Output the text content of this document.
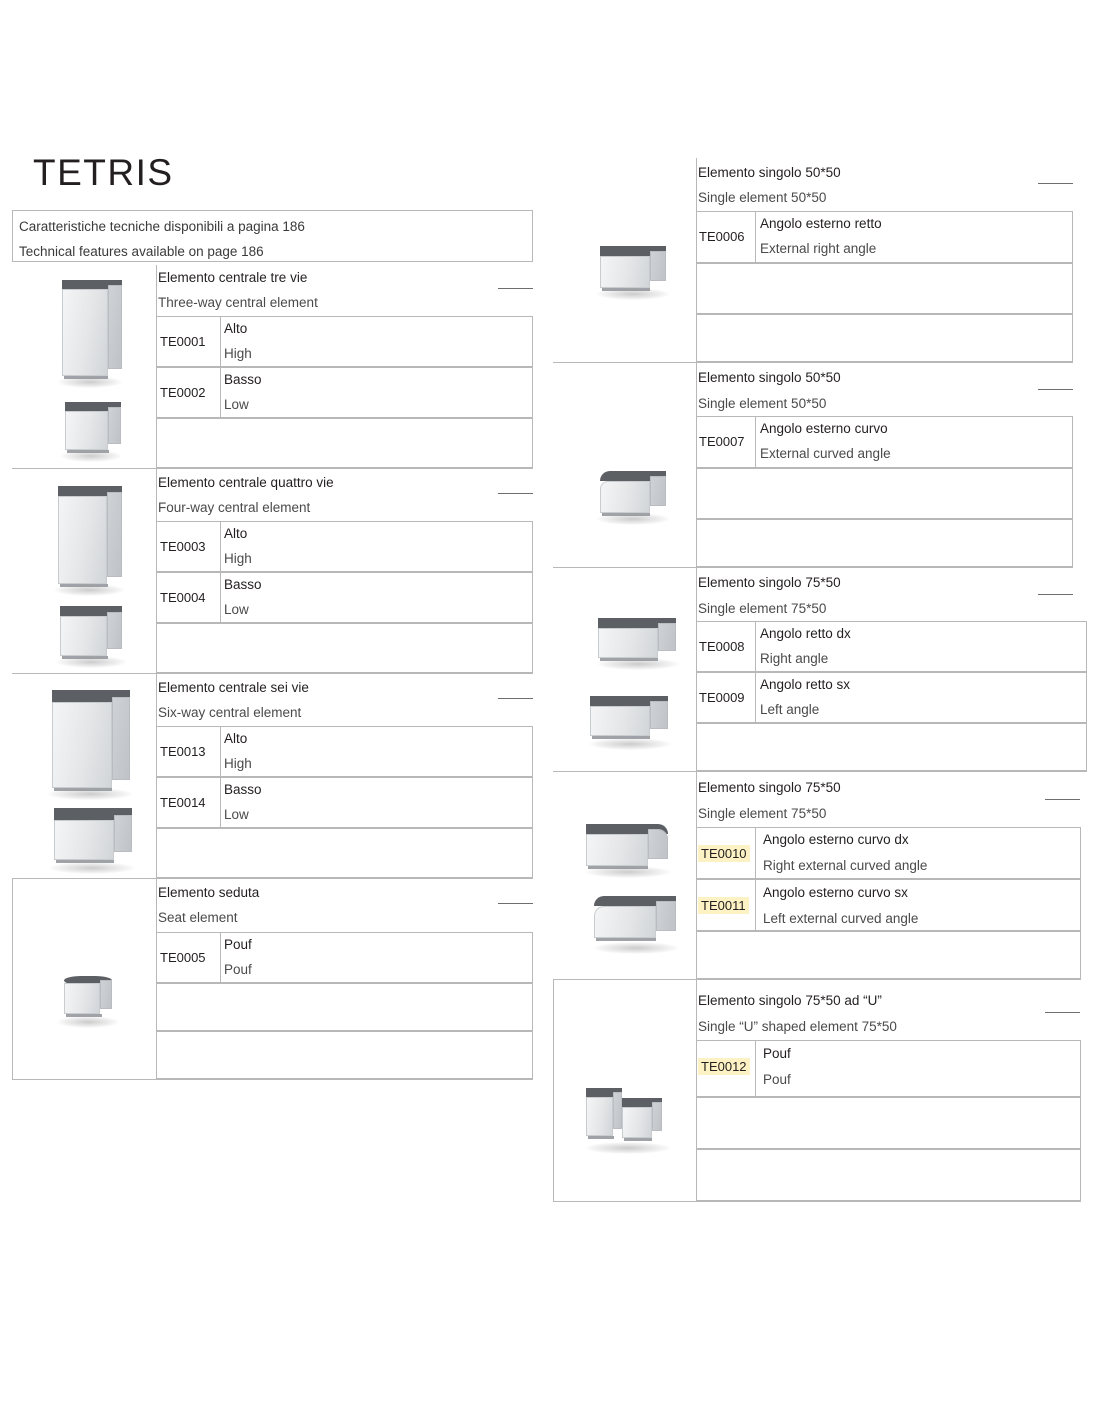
TETRIS
Caratteristiche tecniche disponibili a pagina 186
Technical features available on page 186
Elemento centrale tre vie
Three-way central element
TE0001
Alto
High
TE0002
Basso
Low
Elemento centrale quattro vie
Four-way central element
TE0003
Alto
High
TE0004
Basso
Low
Elemento centrale sei vie
Six-way central element
TE0013
Alto
High
TE0014
Basso
Low
Elemento seduta
Seat element
TE0005
Pouf
Pouf
Elemento singolo 50*50
Single element 50*50
TE0006
Angolo esterno retto
External right angle
Elemento singolo 50*50
Single element 50*50
TE0007
Angolo esterno curvo
External curved angle
Elemento singolo 75*50
Single element 75*50
TE0008
Angolo retto dx
Right angle
TE0009
Angolo retto sx
Left angle
Elemento singolo 75*50
Single element 75*50
TE0010
Angolo esterno curvo dx
Right external curved angle
TE0011
Angolo esterno curvo sx
Left external curved angle
Elemento singolo 75*50 ad “U”
Single “U” shaped element 75*50
TE0012
Pouf
Pouf
